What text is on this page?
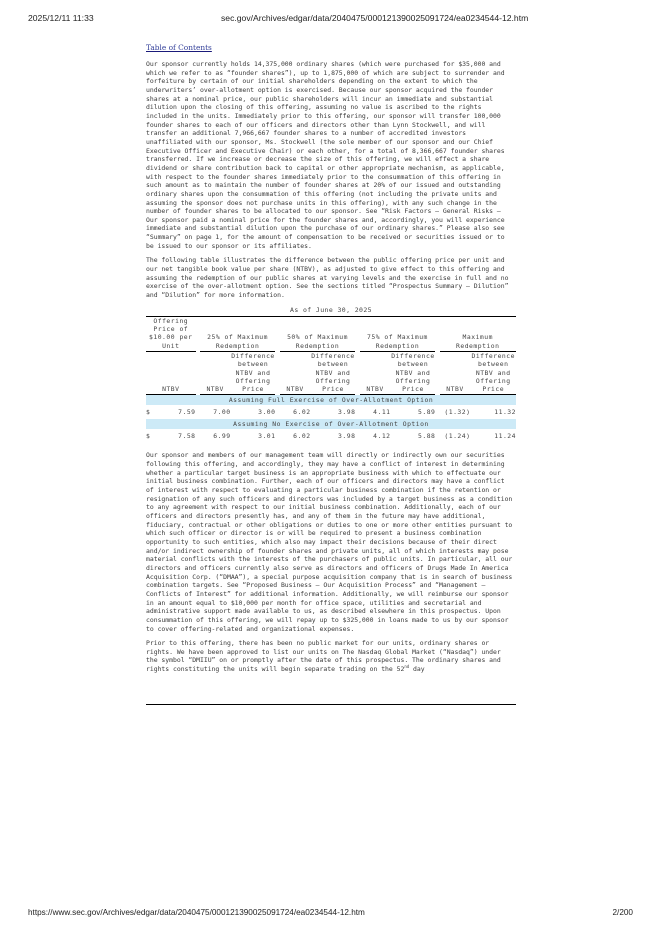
2025/12/11 11:33	sec.gov/Archives/edgar/data/2040475/000121390025091724/ea0234544-12.htm
Table of Contents

Our sponsor currently holds 14,375,000 ordinary shares (which were purchased for $35,000 and which we refer to as “founder shares”), up to 1,875,000 of which are subject to surrender and forfeiture by certain of our initial shareholders depending on the extent to which the underwriters’ over-allotment option is exercised. Because our sponsor acquired the founder shares at a nominal price, our public shareholders will incur an immediate and substantial dilution upon the closing of this offering, assuming no value is ascribed to the rights included in the units. Immediately prior to this offering, our sponsor will transfer 100,000 founder shares to each of our officers and directors other than Lynn Stockwell, and will transfer an additional 7,966,667 founder shares to a number of accredited investors unaffiliated with our sponsor, Ms. Stockwell (the sole member of our sponsor and our Chief Executive Officer and Executive Chair) or each other, for a total of 8,366,667 founder shares transferred. If we increase or decrease the size of this offering, we will effect a share dividend or share contribution back to capital or other appropriate mechanism, as applicable, with respect to the founder shares immediately prior to the consummation of this offering in such amount as to maintain the number of founder shares at 20% of our issued and outstanding ordinary shares upon the consummation of this offering (not including the private units and assuming the sponsor does not purchase units in this offering), with any such change in the number of founder shares to be allocated to our sponsor. See “Risk Factors — General Risks — Our sponsor paid a nominal price for the founder shares and, accordingly, you will experience immediate and substantial dilution upon the purchase of our ordinary shares.” Please also see “Summary” on page 1, for the amount of compensation to be received or securities issued or to be issued to our sponsor or its affiliates.

The following table illustrates the difference between the public offering price per unit and our net tangible book value per share (NTBV), as adjusted to give effect to this offering and assuming the redemption of our public shares at varying levels and the exercise in full and no exercise of the over-allotment option. See the sections titled “Prospectus Summary — Dilution” and “Dilution” for more information.

As of June 30, 2025

Offering Price of $10.00 per Unit			25% of Maximum Redemption			50% of Maximum Redemption			75% of Maximum Redemption			Maximum Redemption	
NTBV			NTBV	Difference between NTBV and Offering Price		NTBV	Difference between NTBV and Offering Price		NTBV	Difference between NTBV and Offering Price		NTBV	Difference between NTBV and Offering Price
Assuming Full Exercise of Over-Allotment Option													
$	7.59		7.00	3.00		6.02	3.98		4.11	5.89		(1.32)	11.32
Assuming No Exercise of Over-Allotment Option													
$	7.58		6.99	3.01		6.02	3.98		4.12	5.88		(1.24)	11.24

Our sponsor and members of our management team will directly or indirectly own our securities following this offering, and accordingly, they may have a conflict of interest in determining whether a particular target business is an appropriate business with which to effectuate our initial business combination. Further, each of our officers and directors may have a conflict of interest with respect to evaluating a particular business combination if the retention or resignation of any such officers and directors was included by a target business as a condition to any agreement with respect to our initial business combination. Additionally, each of our officers and directors presently has, and any of them in the future may have additional, fiduciary, contractual or other obligations or duties to one or more other entities pursuant to which such officer or director is or will be required to present a business combination opportunity to such entities, which also may impact their decisions because of their direct and/or indirect ownership of founder shares and private units, all of which interests may pose material conflicts with the interests of the purchasers of public units. In particular, all our directors and officers currently also serve as directors and officers of Drugs Made In America Acquisition Corp. (“DMAA”), a special purpose acquisition company that is in search of business combination targets. See “Proposed Business — Our Acquisition Process” and “Management — Conflicts of Interest” for additional information. Additionally, we will reimburse our sponsor in an amount equal to $10,000 per month for office space, utilities and secretarial and administrative support made available to us, as described elsewhere in this prospectus. Upon consummation of this offering, we will repay up to $325,000 in loans made to us by our sponsor to cover offering-related and organizational expenses.

Prior to this offering, there has been no public market for our units, ordinary shares or rights. We have been approved to list our units on The Nasdaq Global Market (“Nasdaq”) under the symbol “DMIIU” on or promptly after the date of this prospectus. The ordinary shares and rights constituting the units will begin separate trading on the 52nd day

https://www.sec.gov/Archives/edgar/data/2040475/000121390025091724/ea0234544-12.htm	2/200
